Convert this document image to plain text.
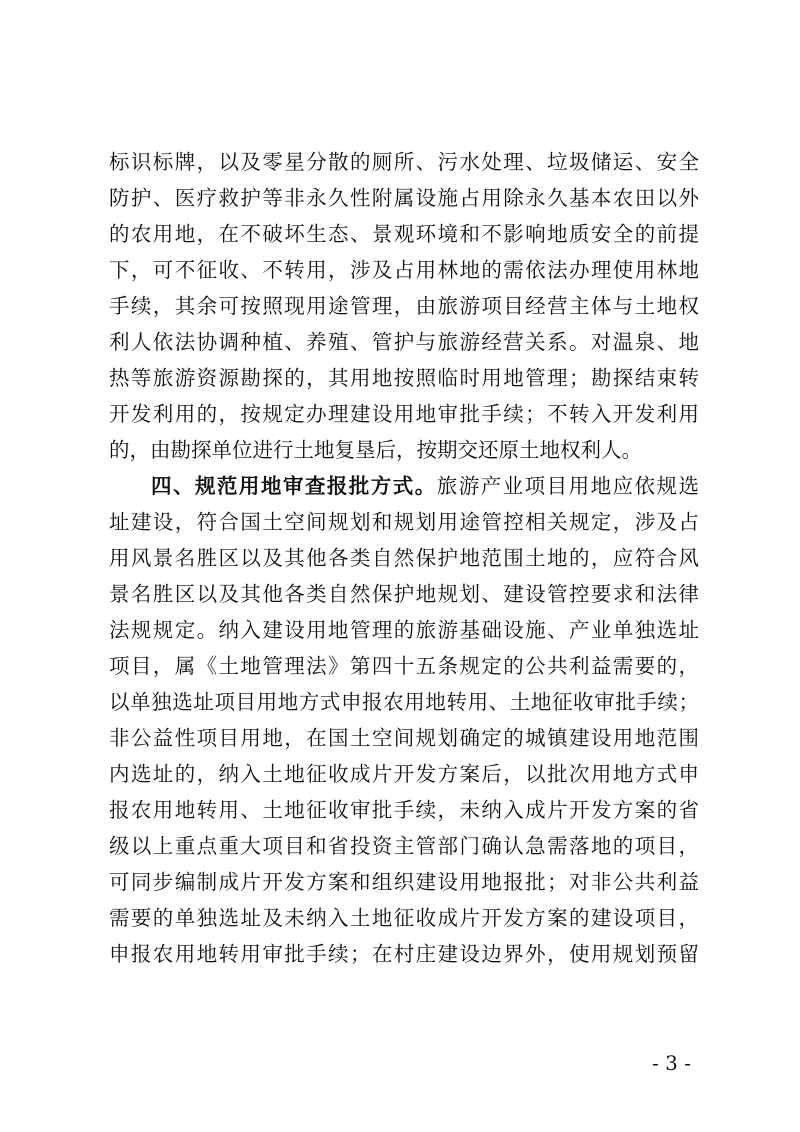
标识标牌，以及零星分散的厕所、污水处理、垃圾储运、安全
防护、医疗救护等非永久性附属设施占用除永久基本农田以外
的农用地，在不破坏生态、景观环境和不影响地质安全的前提
下，可不征收、不转用，涉及占用林地的需依法办理使用林地
手续，其余可按照现用途管理，由旅游项目经营主体与土地权
利人依法协调种植、养殖、管护与旅游经营关系。对温泉、地
热等旅游资源勘探的，其用地按照临时用地管理；勘探结束转
开发利用的，按规定办理建设用地审批手续；不转入开发利用
的，由勘探单位进行土地复垦后，按期交还原土地权利人。
四、规范用地审查报批方式。旅游产业项目用地应依规选
址建设，符合国土空间规划和规划用途管控相关规定，涉及占
用风景名胜区以及其他各类自然保护地范围土地的，应符合风
景名胜区以及其他各类自然保护地规划、建设管控要求和法律
法规规定。纳入建设用地管理的旅游基础设施、产业单独选址
项目，属《土地管理法》第四十五条规定的公共利益需要的，
以单独选址项目用地方式申报农用地转用、土地征收审批手续；
非公益性项目用地，在国土空间规划确定的城镇建设用地范围
内选址的，纳入土地征收成片开发方案后，以批次用地方式申
报农用地转用、土地征收审批手续，未纳入成片开发方案的省
级以上重点重大项目和省投资主管部门确认急需落地的项目，
可同步编制成片开发方案和组织建设用地报批；对非公共利益
需要的单独选址及未纳入土地征收成片开发方案的建设项目，
申报农用地转用审批手续；在村庄建设边界外，使用规划预留
- 3 -
